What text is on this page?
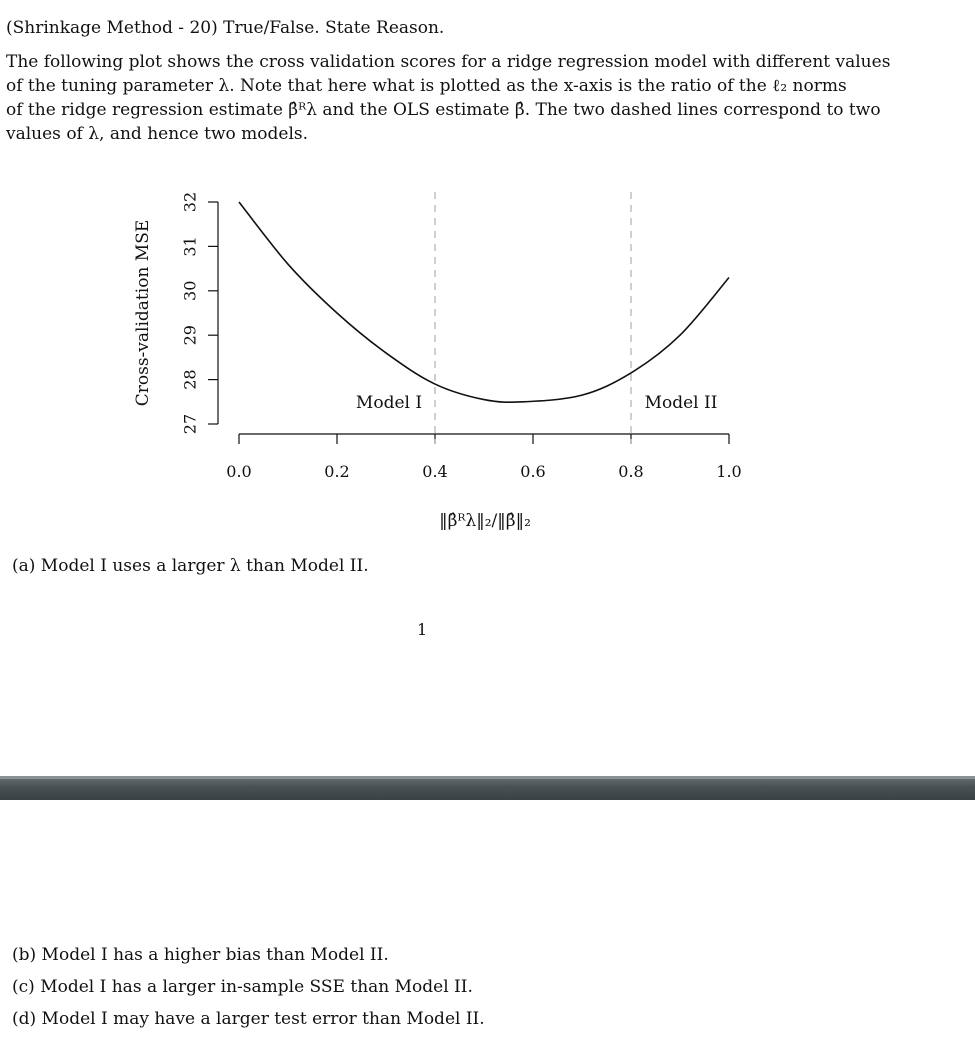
(Shrinkage Method - 20) True/False. State Reason.
The following plot shows the cross validation scores for a ridge regression model with different values
of the tuning parameter λ. Note that here what is plotted as the x-axis is the ratio of the ℓ₂ norms
of the ridge regression estimate β̂ᴿλ and the OLS estimate β̂. The two dashed lines correspond to two
values of λ, and hence two models.
0.0	0.2	0.4	0.6	0.8	1.0
27
28
29
30
31
32
Cross-validation MSE
‖β̂ᴿλ‖₂/‖β̂‖₂
Model I	Model II
(a) Model I uses a larger λ than Model II.
1
(b) Model I has a higher bias than Model II.
(c) Model I has a larger in-sample SSE than Model II.
(d) Model I may have a larger test error than Model II.
